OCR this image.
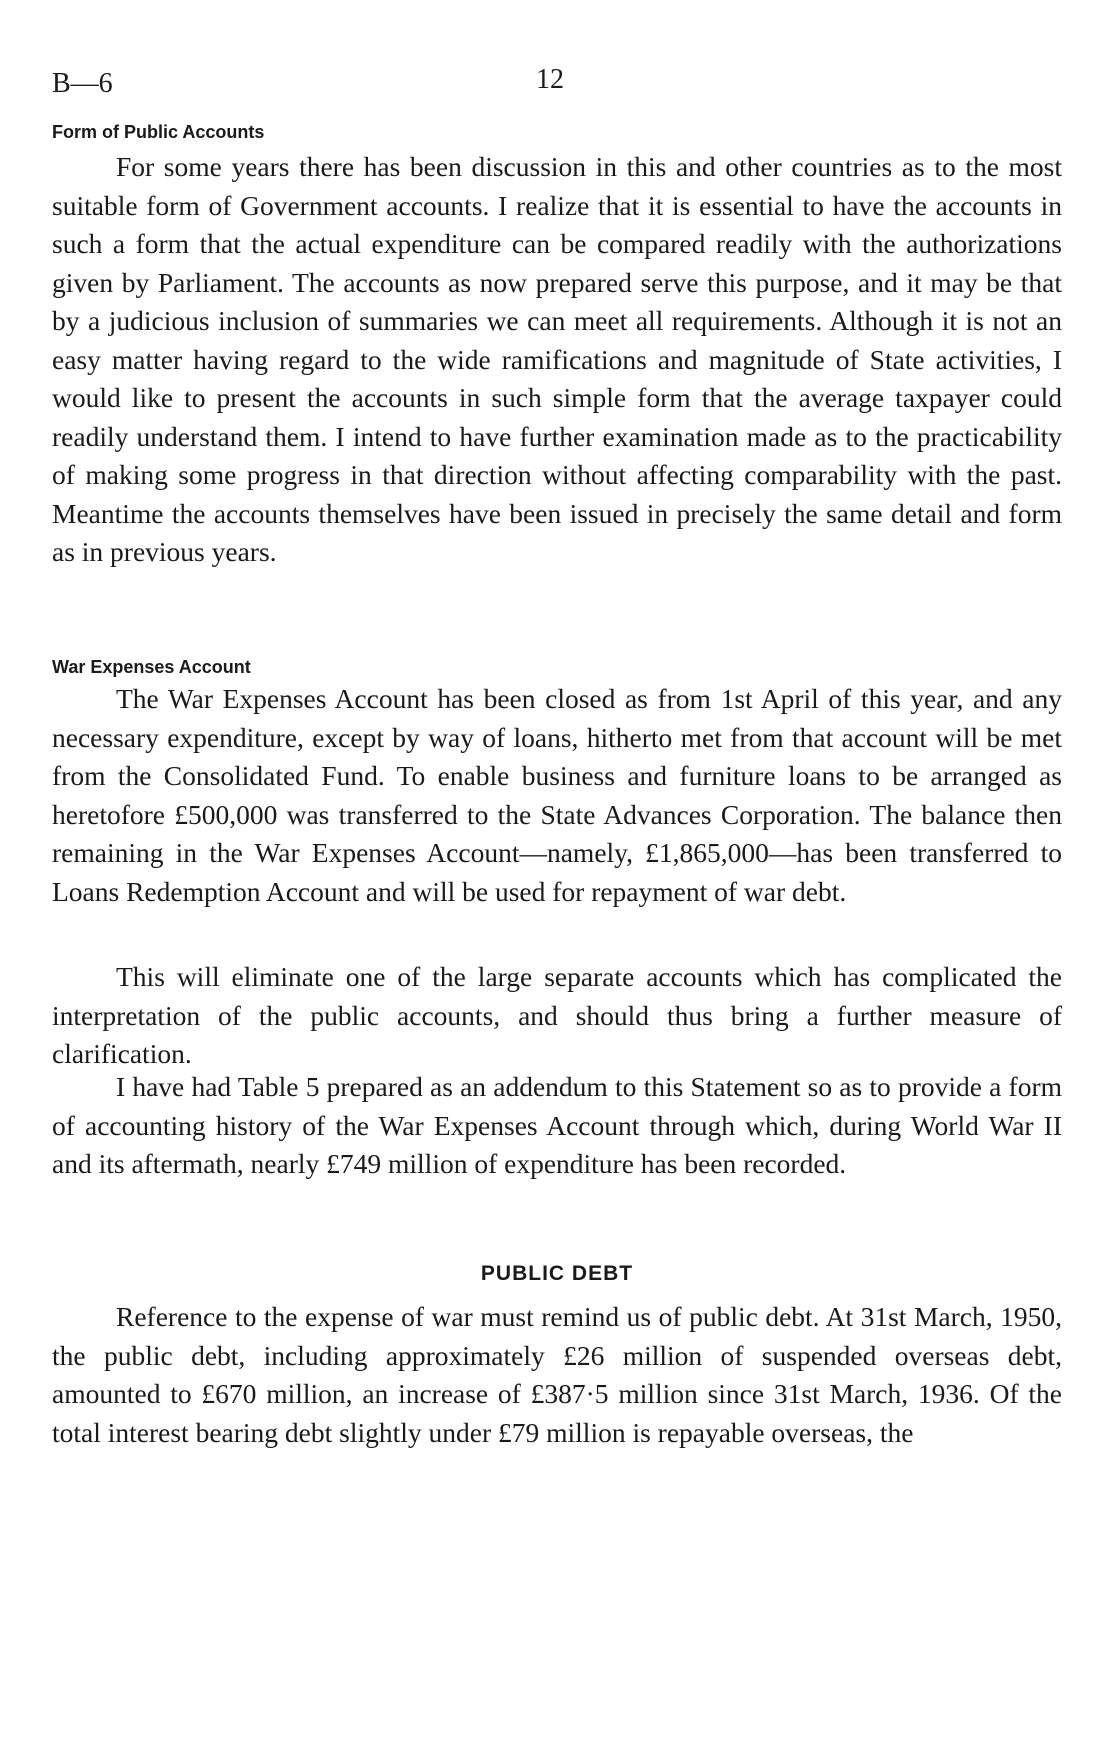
B—6	12
Form of Public Accounts

For some years there has been discussion in this and other countries as to the most suitable form of Government accounts. I realize that it is essential to have the accounts in such a form that the actual expenditure can be compared readily with the authorizations given by Parliament. The accounts as now prepared serve this purpose, and it may be that by a judicious inclusion of summaries we can meet all requirements. Although it is not an easy matter having regard to the wide ramifications and magnitude of State activities, I would like to present the accounts in such simple form that the average taxpayer could readily understand them. I intend to have further examination made as to the practicability of making some progress in that direction without affecting comparability with the past. Meantime the accounts themselves have been issued in precisely the same detail and form as in previous years.

War Expenses Account

The War Expenses Account has been closed as from 1st April of this year, and any necessary expenditure, except by way of loans, hitherto met from that account will be met from the Consolidated Fund. To enable business and furniture loans to be arranged as heretofore £500,000 was transferred to the State Advances Corporation. The balance then remaining in the War Expenses Account—namely, £1,865,000—has been transferred to Loans Redemption Account and will be used for repayment of war debt.

This will eliminate one of the large separate accounts which has complicated the interpretation of the public accounts, and should thus bring a further measure of clarification.

I have had Table 5 prepared as an addendum to this Statement so as to provide a form of accounting history of the War Expenses Account through which, during World War II and its aftermath, nearly £749 million of expenditure has been recorded.

PUBLIC DEBT

Reference to the expense of war must remind us of public debt. At 31st March, 1950, the public debt, including approximately £26 million of suspended overseas debt, amounted to £670 million, an increase of £387·5 million since 31st March, 1936. Of the total interest bearing debt slightly under £79 million is repayable overseas, the
